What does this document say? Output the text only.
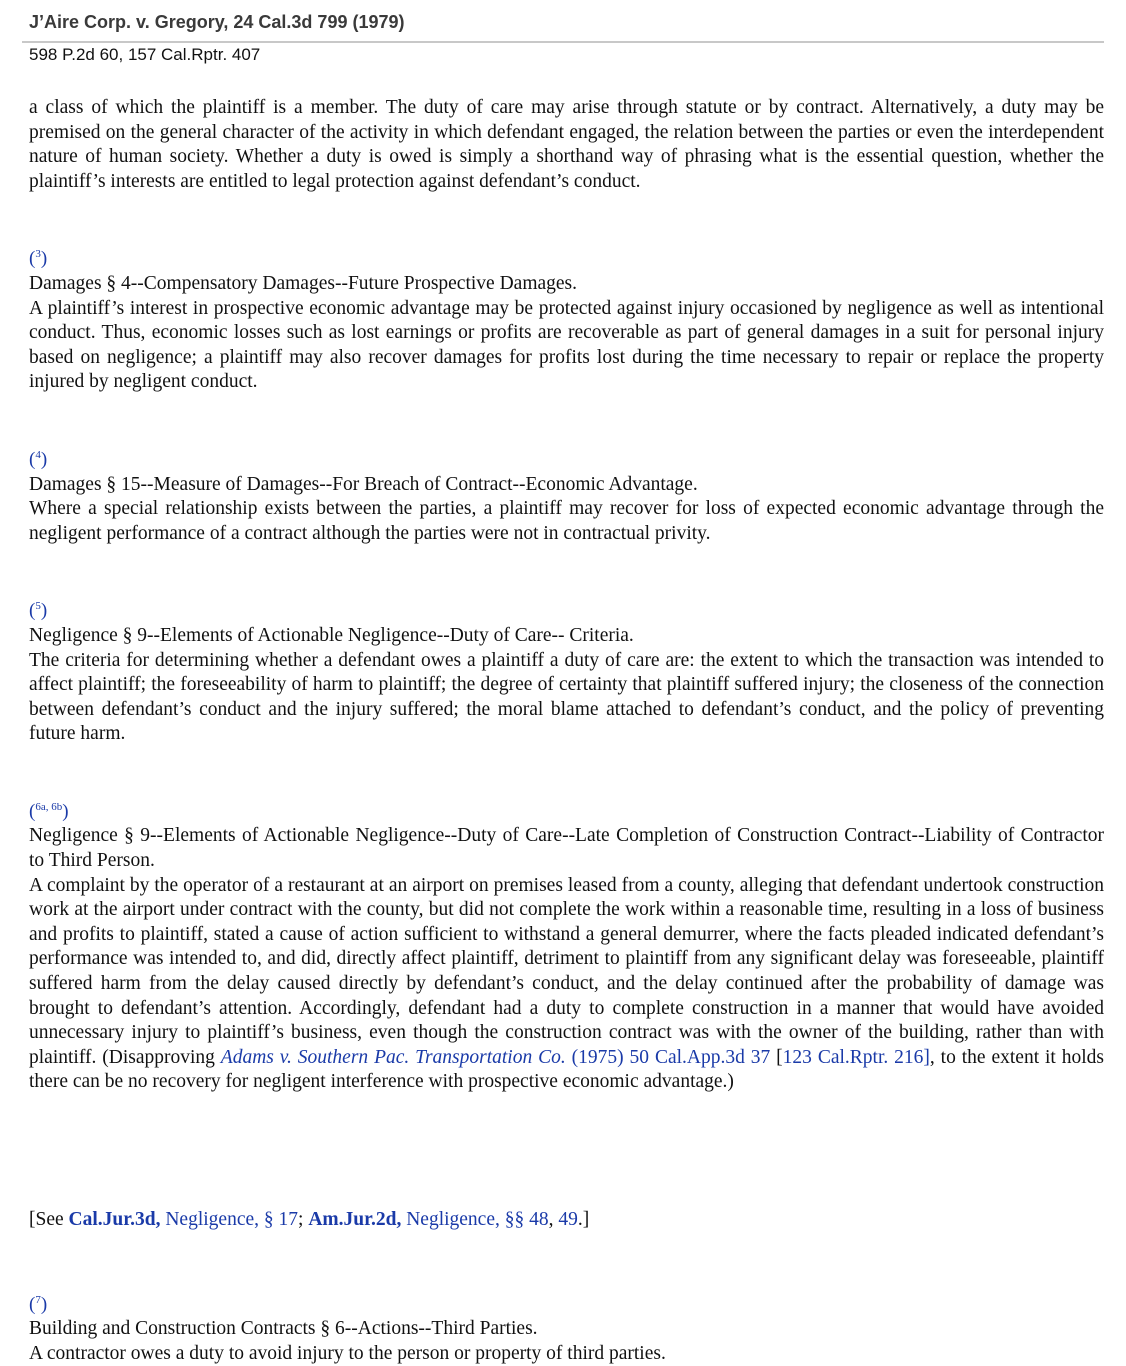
J’Aire Corp. v. Gregory, 24 Cal.3d 799 (1979)
598 P.2d 60, 157 Cal.Rptr. 407

a class of which the plaintiff is a member. The duty of care may arise through statute or by contract. Alternatively, a duty may be premised on the general character of the activity in which defendant engaged, the relation between the parties or even the interdependent nature of human society. Whether a duty is owed is simply a shorthand way of phrasing what is the essential question, whether the plaintiff’s interests are entitled to legal protection against defendant’s conduct.

($^3$)
Damages § 4--Compensatory Damages--Future Prospective Damages.

A plaintiff’s interest in prospective economic advantage may be protected against injury occasioned by negligence as well as intentional conduct. Thus, economic losses such as lost earnings or profits are recoverable as part of general damages in a suit for personal injury based on negligence; a plaintiff may also recover damages for profits lost during the time necessary to repair or replace the property injured by negligent conduct.

($^4$)
Damages § 15--Measure of Damages--For Breach of Contract--Economic Advantage.

Where a special relationship exists between the parties, a plaintiff may recover for loss of expected economic advantage through the negligent performance of a contract although the parties were not in contractual privity.

($^5$)
Negligence § 9--Elements of Actionable Negligence--Duty of Care-- Criteria.

The criteria for determining whether a defendant owes a plaintiff a duty of care are: the extent to which the transaction was intended to affect plaintiff; the foreseeability of harm to plaintiff; the degree of certainty that plaintiff suffered injury; the closeness of the connection between defendant’s conduct and the injury suffered; the moral blame attached to defendant’s conduct, and the policy of preventing future harm.

($^{6a,}$ $^{6b}$)
Negligence § 9--Elements of Actionable Negligence--Duty of Care--Late Completion of Construction Contract--Liability of Contractor to Third Person.

A complaint by the operator of a restaurant at an airport on premises leased from a county, alleging that defendant undertook construction work at the airport under contract with the county, but did not complete the work within a reasonable time, resulting in a loss of business and profits to plaintiff, stated a cause of action sufficient to withstand a general demurrer, where the facts pleaded indicated defendant’s performance was intended to, and did, directly affect plaintiff, detriment to plaintiff from any significant delay was foreseeable, plaintiff suffered harm from the delay caused directly by defendant’s conduct, and the delay continued after the probability of damage was brought to defendant’s attention. Accordingly, defendant had a duty to complete construction in a manner that would have avoided unnecessary injury to plaintiff’s business, even though the construction contract was with the owner of the building, rather than with plaintiff. (Disapproving Adams v. Southern Pac. Transportation Co. (1975) 50 Cal.App.3d 37 [123 Cal.Rptr. 216], to the extent it holds there can be no recovery for negligent interference with prospective economic advantage.)

[See Cal.Jur.3d, Negligence, § 17; Am.Jur.2d, Negligence, §§ 48, 49.]

($^7$)
Building and Construction Contracts § 6--Actions--Third Parties.

A contractor owes a duty to avoid injury to the person or property of third parties.
